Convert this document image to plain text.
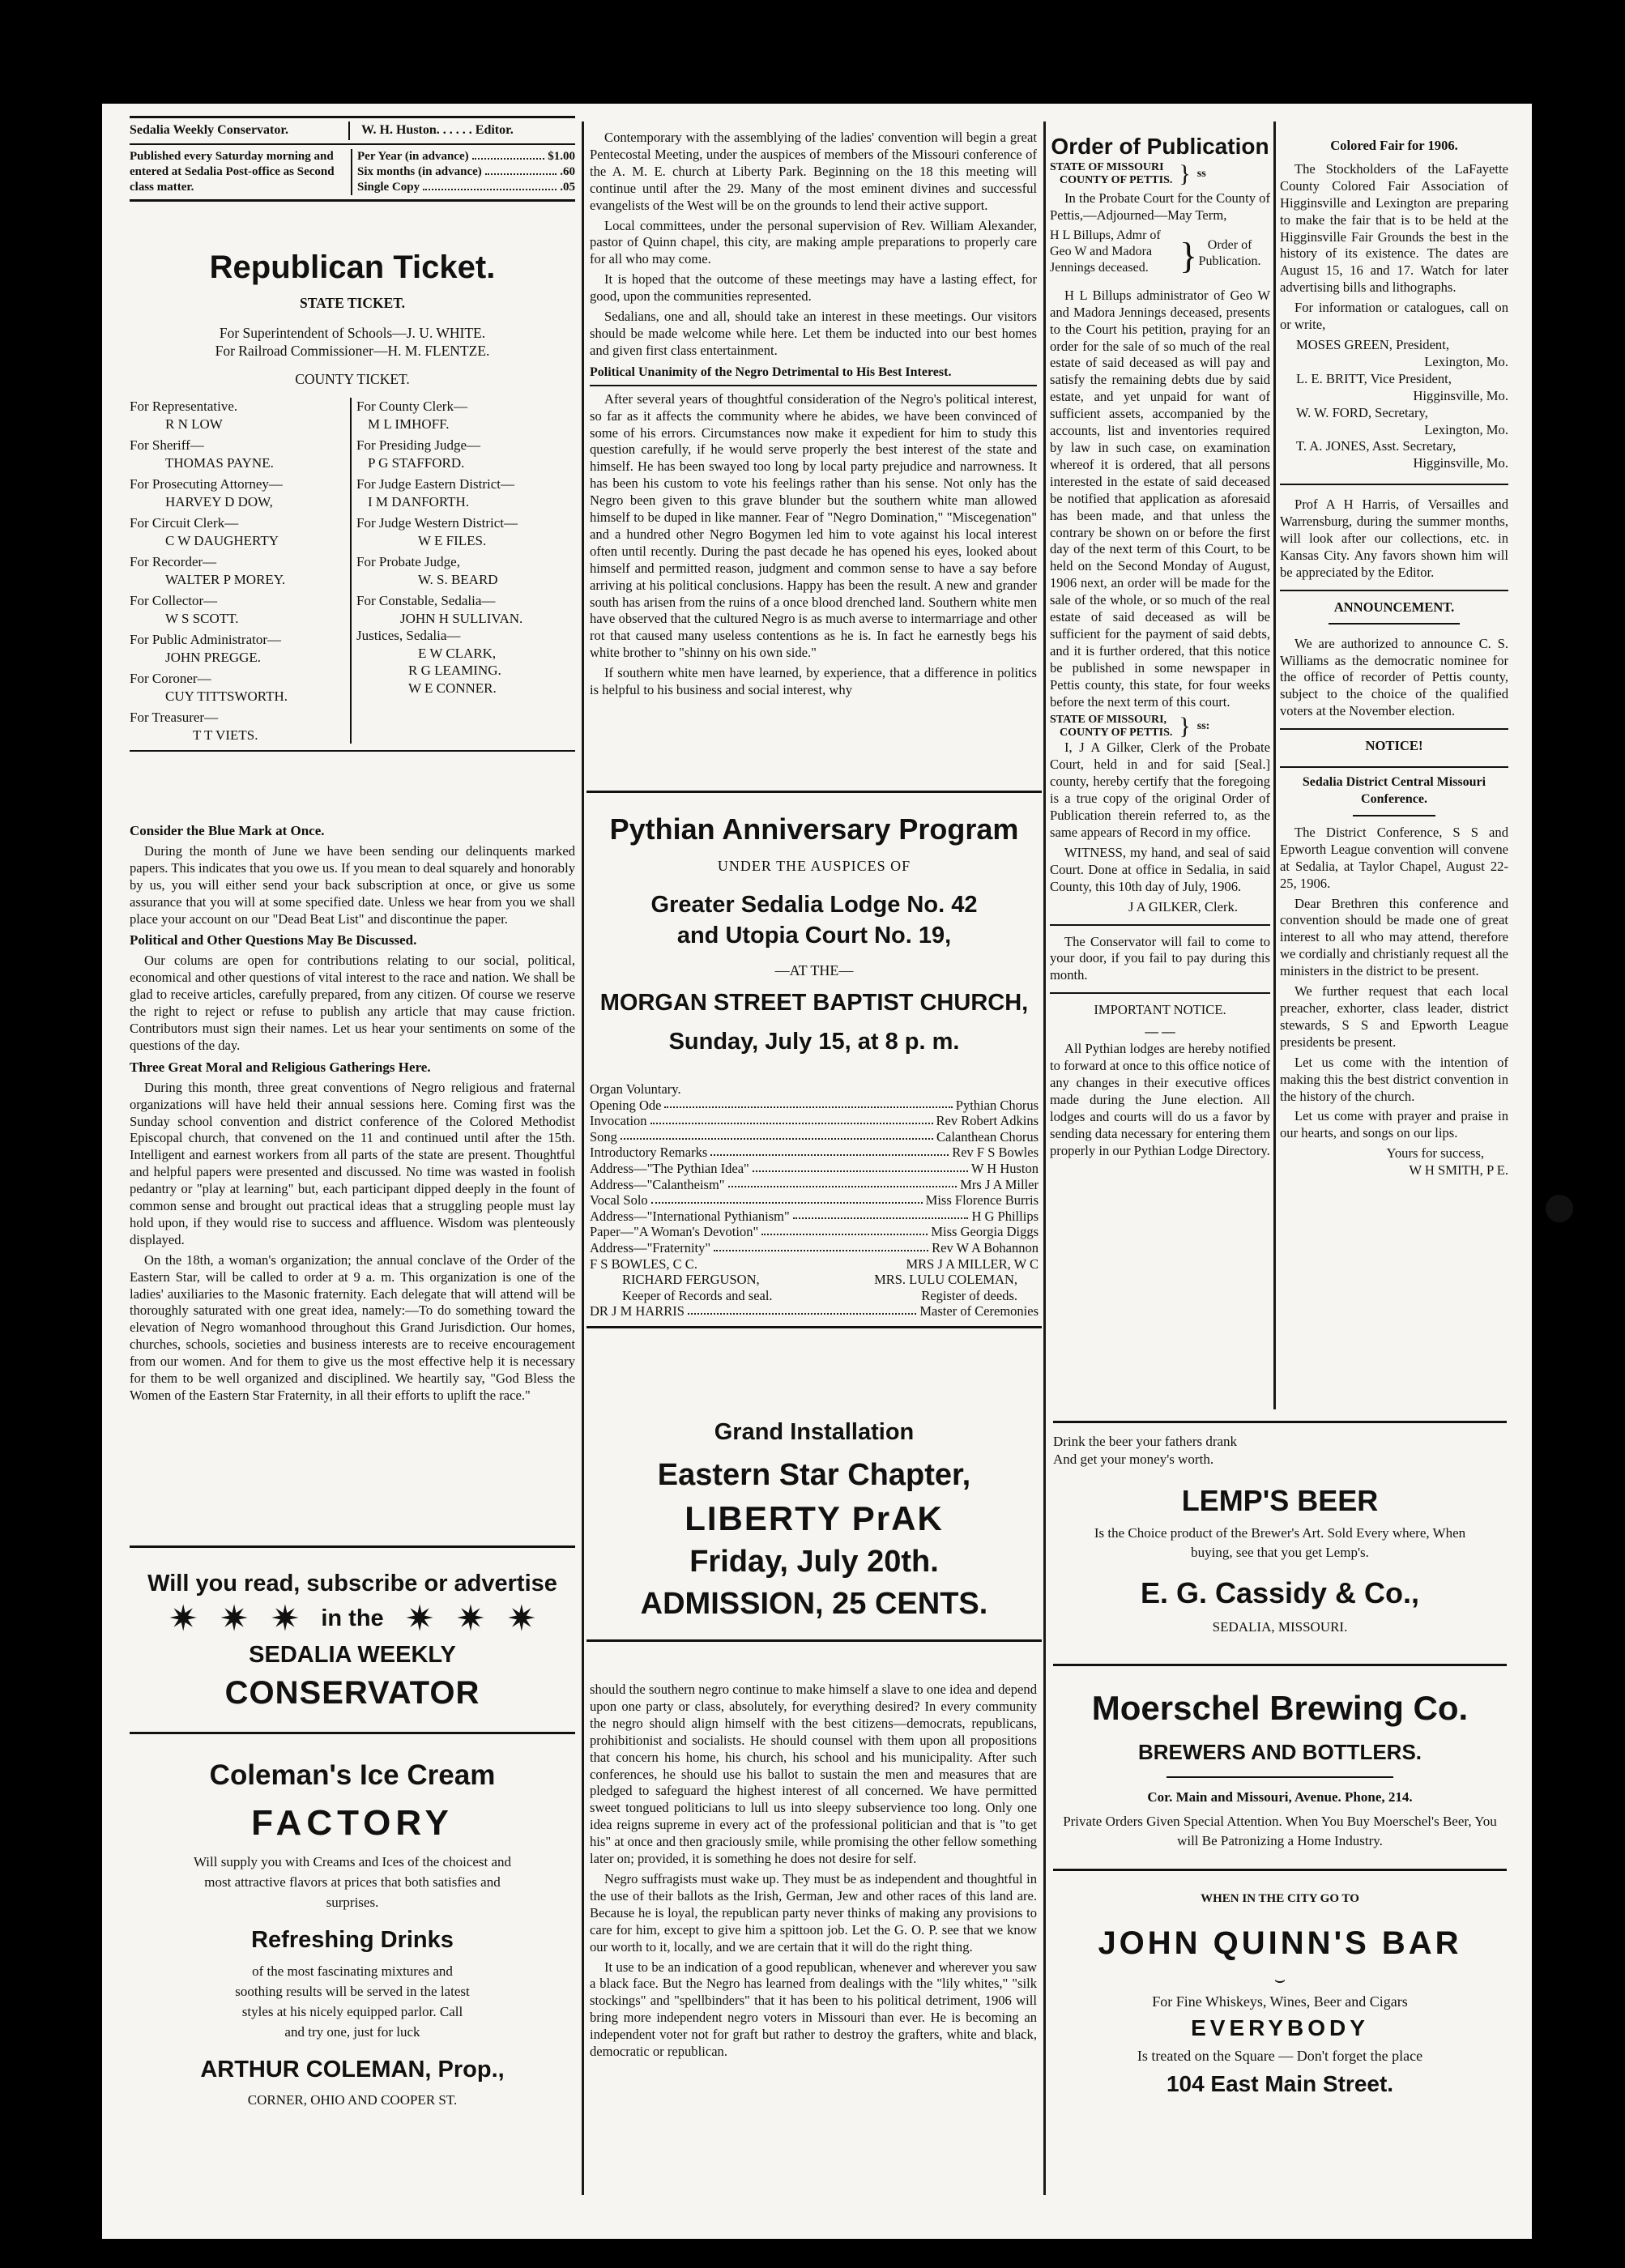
Sedalia Weekly Conservator.	W. H. Huston. . . . . . Editor.
Published every Saturday morning and entered at Sedalia Post-office as Second class matter.
Per Year (in advance)	$1.00
Six months (in advance)	.60
Single Copy	.05
Republican Ticket.
STATE TICKET.
For Superintendent of Schools—J. U. WHITE.
For Railroad Commissioner—H. M. FLENTZE.
COUNTY TICKET.
For Representative.
R N LOW
For Sheriff—
THOMAS PAYNE.
For Prosecuting Attorney—
HARVEY D DOW,
For Circuit Clerk—
C W DAUGHERTY
For Recorder—
WALTER P MOREY.
For Collector—
W S SCOTT.
For Public Administrator—
JOHN PREGGE.
For Coroner—
CUY TITTSWORTH.
For Treasurer—
T T VIETS.
For County Clerk—
M L IMHOFF.
For Presiding Judge—
P G STAFFORD.
For Judge Eastern District—
I M DANFORTH.
For Judge Western District—
W E FILES.
For Probate Judge,
W. S. BEARD
For Constable, Sedalia—
JOHN H SULLIVAN.
Justices, Sedalia—
E W CLARK,
R G LEAMING.
W E CONNER.
Consider the Blue Mark at Once.

During the month of June we have been sending our delinquents marked papers. This indicates that you owe us. If you mean to deal squarely and honorably by us, you will either send your back subscription at once, or give us some assurance that you will at some specified date. Unless we hear from you we shall place your account on our "Dead Beat List" and discontinue the paper.

Political and Other Questions May Be Discussed.

Our colums are open for contributions relating to our social, political, economical and other questions of vital interest to the race and nation. We shall be glad to receive articles, carefully prepared, from any citizen. Of course we reserve the right to reject or refuse to publish any article that may cause friction. Contributors must sign their names. Let us hear your sentiments on some of the questions of the day.

Three Great Moral and Religious Gatherings Here.

During this month, three great conventions of Negro religious and fraternal organizations will have held their annual sessions here. Coming first was the Sunday school convention and district conference of the Colored Methodist Episcopal church, that convened on the 11 and continued until after the 15th. Intelligent and earnest workers from all parts of the state are present. Thoughtful and helpful papers were presented and discussed. No time was wasted in foolish pedantry or "play at learning" but, each participant dipped deeply in the fount of common sense and brought out practical ideas that a struggling people must lay hold upon, if they would rise to success and affluence. Wisdom was plenteously displayed.

On the 18th, a woman's organization; the annual conclave of the Order of the Eastern Star, will be called to order at 9 a. m. This organization is one of the ladies' auxiliaries to the Masonic fraternity. Each delegate that will attend will be thoroughly saturated with one great idea, namely:—To do something toward the elevation of Negro womanhood throughout this Grand Jurisdiction. Our homes, churches, schools, societies and business interests are to receive encouragement from our women. And for them to give us the most effective help it is necessary for them to be well organized and disciplined. We heartily say, "God Bless the Women of the Eastern Star Fraternity, in all their efforts to uplift the race."

Will you read, subscribe or advertise
✷ ✷ ✷ in the ✷ ✷ ✷
SEDALIA WEEKLY
CONSERVATOR
Coleman's Ice Cream
FACTORY
Will supply you with Creams and Ices of the choicest and most attractive flavors at prices that both satisfies and surprises.
Refreshing Drinks
of the most fascinating mixtures and soothing results will be served in the latest styles at his nicely equipped parlor. Call and try one, just for luck
ARTHUR COLEMAN, Prop.,
CORNER, OHIO AND COOPER ST.

Contemporary with the assemblying of the ladies' convention will begin a great Pentecostal Meeting, under the auspices of members of the Missouri conference of the A. M. E. church at Liberty Park. Beginning on the 18 this meeting will continue until after the 29. Many of the most eminent divines and successful evangelists of the West will be on the grounds to lend their active support.

Local committees, under the personal supervision of Rev. William Alexander, pastor of Quinn chapel, this city, are making ample preparations to properly care for all who may come.

It is hoped that the outcome of these meetings may have a lasting effect, for good, upon the communities represented.

Sedalians, one and all, should take an interest in these meetings. Our visitors should be made welcome while here. Let them be inducted into our best homes and given first class entertainment.

Political Unanimity of the Negro Detrimental to His Best Interest.

After several years of thoughtful consideration of the Negro's political interest, so far as it affects the community where he abides, we have been convinced of some of his errors. Circumstances now make it expedient for him to study this question carefully, if he would serve properly the best interest of the state and himself. He has been swayed too long by local party prejudice and narrowness. It has been his custom to vote his feelings rather than his sense. Not only has the Negro been given to this grave blunder but the southern white man allowed himself to be duped in like manner. Fear of "Negro Domination," "Miscegenation" and a hundred other Negro Bogymen led him to vote against his local interest often until recently. During the past decade he has opened his eyes, looked about himself and permitted reason, judgment and common sense to have a say before arriving at his political conclusions. Happy has been the result. A new and grander south has arisen from the ruins of a once blood drenched land. Southern white men have observed that the cultured Negro is as much averse to intermarriage and other rot that caused many useless contentions as he is. In fact he earnestly begs his white brother to "shinny on his own side."

If southern white men have learned, by experience, that a difference in politics is helpful to his business and social interest, why

Pythian Anniversary Program
UNDER THE AUSPICES OF
Greater Sedalia Lodge No. 42
and Utopia Court No. 19,
—AT THE—
MORGAN STREET BAPTIST CHURCH,
Sunday, July 15, at 8 p. m.
Organ Voluntary.
Opening Ode	Pythian Chorus
Invocation	Rev Robert Adkins
Song	Calanthean Chorus
Introductory Remarks	Rev F S Bowles
Address—"The Pythian Idea"	W H Huston
Address—"Calantheism"	Mrs J A Miller
Vocal Solo	Miss Florence Burris
Address—"International Pythianism"	H G Phillips
Paper—"A Woman's Devotion"	Miss Georgia Diggs
Address—"Fraternity"	Rev W A Bohannon
F S BOWLES, C C.	MRS J A MILLER, W C
RICHARD FERGUSON,	MRS. LULU COLEMAN,
Keeper of Records and seal.	Register of deeds.
DR J M HARRIS	Master of Ceremonies
Grand Installation
Eastern Star Chapter,
LIBERTY PrAK
Friday, July 20th.
ADMISSION, 25 CENTS.

should the southern negro continue to make himself a slave to one idea and depend upon one party or class, absolutely, for everything desired? In every community the negro should align himself with the best citizens—democrats, republicans, prohibitionist and socialists. He should counsel with them upon all propositions that concern his home, his church, his school and his municipality. After such conferences, he should use his ballot to sustain the men and measures that are pledged to safeguard the highest interest of all concerned. We have permitted sweet tongued politicians to lull us into sleepy subservience too long. Only one idea reigns supreme in every act of the professional politician and that is "to get his" at once and then graciously smile, while promising the other fellow something later on; provided, it is something he does not desire for self.

Negro suffragists must wake up. They must be as independent and thoughtful in the use of their ballots as the Irish, German, Jew and other races of this land are. Because he is loyal, the republican party never thinks of making any provisions to care for him, except to give him a spittoon job. Let the G. O. P. see that we know our worth to it, locally, and we are certain that it will do the right thing.

It use to be an indication of a good republican, whenever and wherever you saw a black face. But the Negro has learned from dealings with the "lily whites," "silk stockings" and "spellbinders" that it has been to his political detriment, 1906 will bring more independent negro voters in Missouri than ever. He is becoming an independent voter not for graft but rather to destroy the grafters, white and black, democratic or republican.

Order of Publication
STATE OF MISSOURI
COUNTY OF PETTIS. } ss

In the Probate Court for the County of Pettis,—Adjourned—May Term,

H L Billups, Admr of Geo W and Madora Jennings deceased. } Order of Publication.

H L Billups administrator of Geo W and Madora Jennings deceased, presents to the Court his petition, praying for an order for the sale of so much of the real estate of said deceased as will pay and satisfy the remaining debts due by said estate, and yet unpaid for want of sufficient assets, accompanied by the accounts, list and inventories required by law in such case, on examination whereof it is ordered, that all persons interested in the estate of said deceased be notified that application as aforesaid has been made, and that unless the contrary be shown on or before the first day of the next term of this Court, to be held on the Second Monday of August, 1906 next, an order will be made for the sale of the whole, or so much of the real estate of said deceased as will be sufficient for the payment of said debts, and it is further ordered, that this notice be published in some newspaper in Pettis county, this state, for four weeks before the next term of this court.

STATE OF MISSOURI,
COUNTY OF PETTIS. } ss:

I, J A Gilker, Clerk of the Probate Court, held in and for said [Seal.] county, hereby certify that the foregoing is a true copy of the original Order of Publication therein referred to, as the same appears of Record in my office.

WITNESS, my hand, and seal of said Court. Done at office in Sedalia, in said County, this 10th day of July, 1906.

J A GILKER, Clerk.

The Conservator will fail to come to your door, if you fail to pay during this month.

IMPORTANT NOTICE.
— —

All Pythian lodges are hereby notified to forward at once to this office notice of any changes in their executive offices made during the June election. All lodges and courts will do us a favor by sending data necessary for entering them properly in our Pythian Lodge Directory.

Colored Fair for 1906.

The Stockholders of the LaFayette County Colored Fair Association of Higginsville and Lexington are preparing to make the fair that is to be held at the Higginsville Fair Grounds the best in the history of its existence. The dates are August 15, 16 and 17. Watch for later advertising bills and lithographs.

For information or catalogues, call on or write,

MOSES GREEN, President,
Lexington, Mo.
L. E. BRITT, Vice President,
Higginsville, Mo.
W. W. FORD, Secretary,
Lexington, Mo.
T. A. JONES, Asst. Secretary,
Higginsville, Mo.

Prof A H Harris, of Versailles and Warrensburg, during the summer months, will look after our collections, etc. in Kansas City. Any favors shown him will be appreciated by the Editor.

ANNOUNCEMENT.

We are authorized to announce C. S. Williams as the democratic nominee for the office of recorder of Pettis county, subject to the choice of the qualified voters at the November election.

NOTICE!
Sedalia District Central Missouri
Conference.

The District Conference, S S and Epworth League convention will convene at Sedalia, at Taylor Chapel, August 22-25, 1906.

Dear Brethren this conference and convention should be made one of great interest to all who may attend, therefore we cordially and christianly request all the ministers in the district to be present.

We further request that each local preacher, exhorter, class leader, district stewards, S S and Epworth League presidents be present.

Let us come with the intention of making this the best district convention in the history of the church.

Let us come with prayer and praise in our hearts, and songs on our lips.

Yours for success,
W H SMITH, P E.
Drink the beer your fathers drank
And get your money's worth.
LEMP'S BEER
Is the Choice product of the Brewer's Art. Sold Every where, When buying, see that you get Lemp's.
E. G. Cassidy & Co.,
SEDALIA, MISSOURI.
Moerschel Brewing Co.
BREWERS AND BOTTLERS.
Cor. Main and Missouri, Avenue. Phone, 214.
Private Orders Given Special Attention. When You Buy Moerschel's Beer, You will Be Patronizing a Home Industry.
WHEN IN THE CITY GO TO
JOHN QUINN'S BAR
⌣
For Fine Whiskeys, Wines, Beer and Cigars
EVERYBODY
Is treated on the Square — Don't forget the place
104 East Main Street.
